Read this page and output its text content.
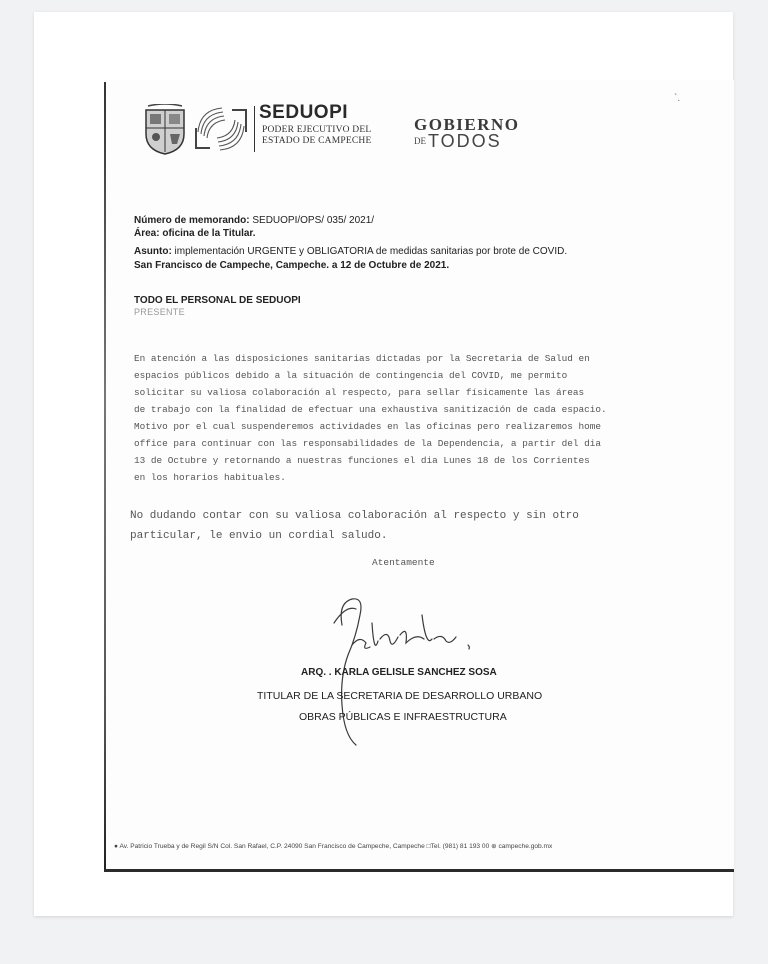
SEDUOPI
PODER EJECUTIVO DEL
ESTADO DE CAMPECHE
GOBIERNO
DE TODOS
`.
Número de memorando: SEDUOPI/OPS/ 035/ 2021/
Área: oficina de la Titular.
Asunto: implementación URGENTE y OBLIGATORIA de medidas sanitarias por brote de COVID.
San Francisco de Campeche, Campeche. a 12 de Octubre de 2021.
TODO EL PERSONAL DE SEDUOPI
PRESENTE
En atención a las disposiciones sanitarias dictadas por la Secretaria de Salud en
espacios públicos debido a la situación de contingencia del COVID, me permito
solicitar su valiosa colaboración al respecto, para sellar físicamente las áreas
de trabajo con la finalidad de efectuar una exhaustiva sanitización de cada espacio.
Motivo por el cual suspenderemos actividades en las oficinas pero realizaremos home
office para continuar con las responsabilidades de la Dependencia, a partir del dia
13 de Octubre y retornando a nuestras funciones el dia Lunes 18 de los Corrientes
en los horarios habituales.
No dudando contar con su valiosa colaboración al respecto y sin otro
particular, le envio un cordial saludo.
Atentamente
ARQ. . KARLA GELISLE SANCHEZ SOSA
TITULAR DE LA SECRETARIA DE DESARROLLO URBANO
OBRAS PÚBLICAS E INFRAESTRUCTURA
● Av. Patricio Trueba y de Regil S/N Col. San Rafael, C.P. 24090 San Francisco de Campeche, Campeche □Tel. (981) 81 193 00 ⊕ campeche.gob.mx
